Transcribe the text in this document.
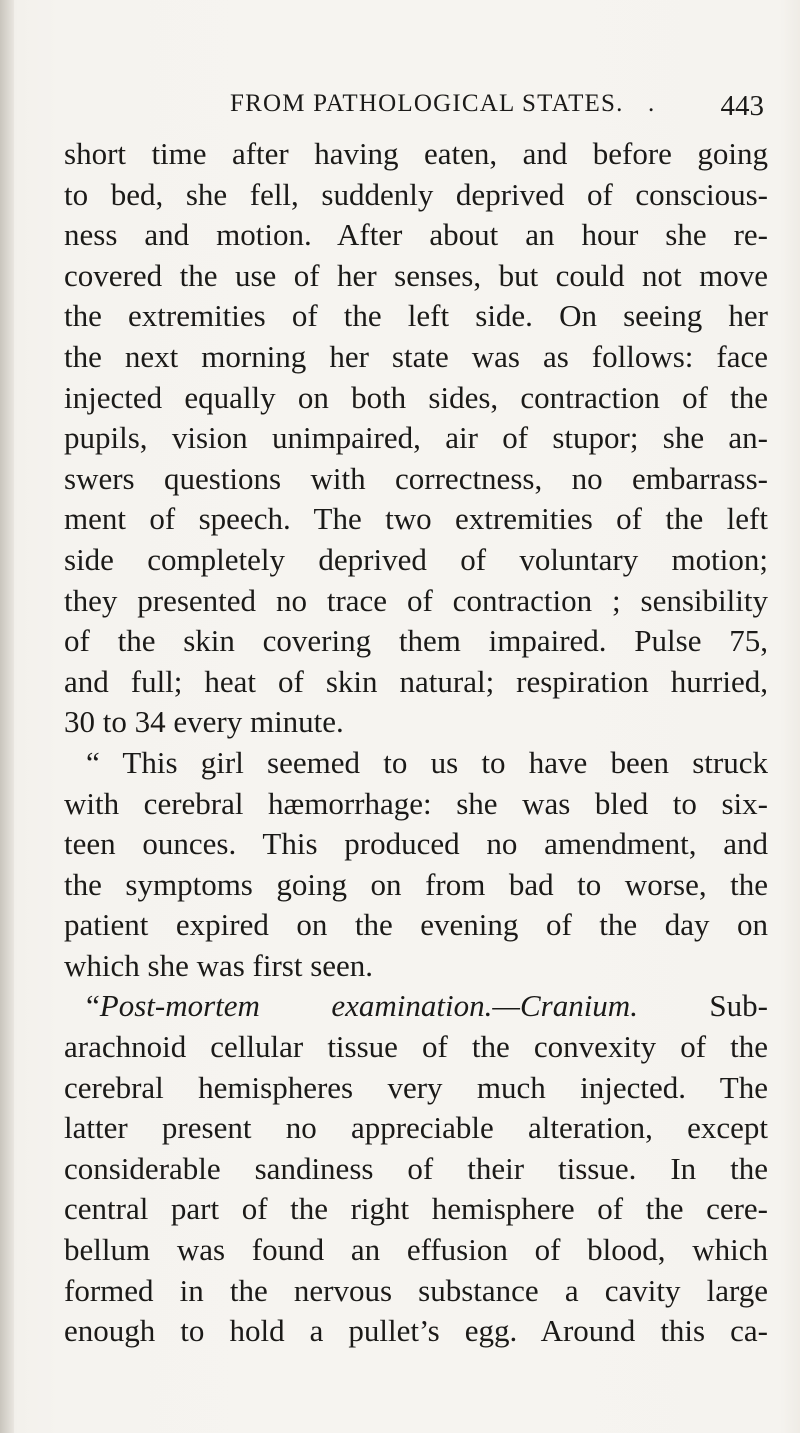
FROM PATHOLOGICAL STATES. . 443
short time after having eaten, and before going
to bed, she fell, suddenly deprived of conscious-
ness and motion. After about an hour she re-
covered the use of her senses, but could not move
the extremities of the left side. On seeing her
the next morning her state was as follows: face
injected equally on both sides, contraction of the
pupils, vision unimpaired, air of stupor; she an-
swers questions with correctness, no embarrass-
ment of speech. The two extremities of the left
side completely deprived of voluntary motion;
they presented no trace of contraction ; sensibility
of the skin covering them impaired. Pulse 75,
and full; heat of skin natural; respiration hurried,
30 to 34 every minute.
“ This girl seemed to us to have been struck
with cerebral hæmorrhage: she was bled to six-
teen ounces. This produced no amendment, and
the symptoms going on from bad to worse, the
patient expired on the evening of the day on
which she was first seen.
“Post-mortem examination.—Cranium. Sub-
arachnoid cellular tissue of the convexity of the
cerebral hemispheres very much injected. The
latter present no appreciable alteration, except
considerable sandiness of their tissue. In the
central part of the right hemisphere of the cere-
bellum was found an effusion of blood, which
formed in the nervous substance a cavity large
enough to hold a pullet’s egg. Around this ca-
